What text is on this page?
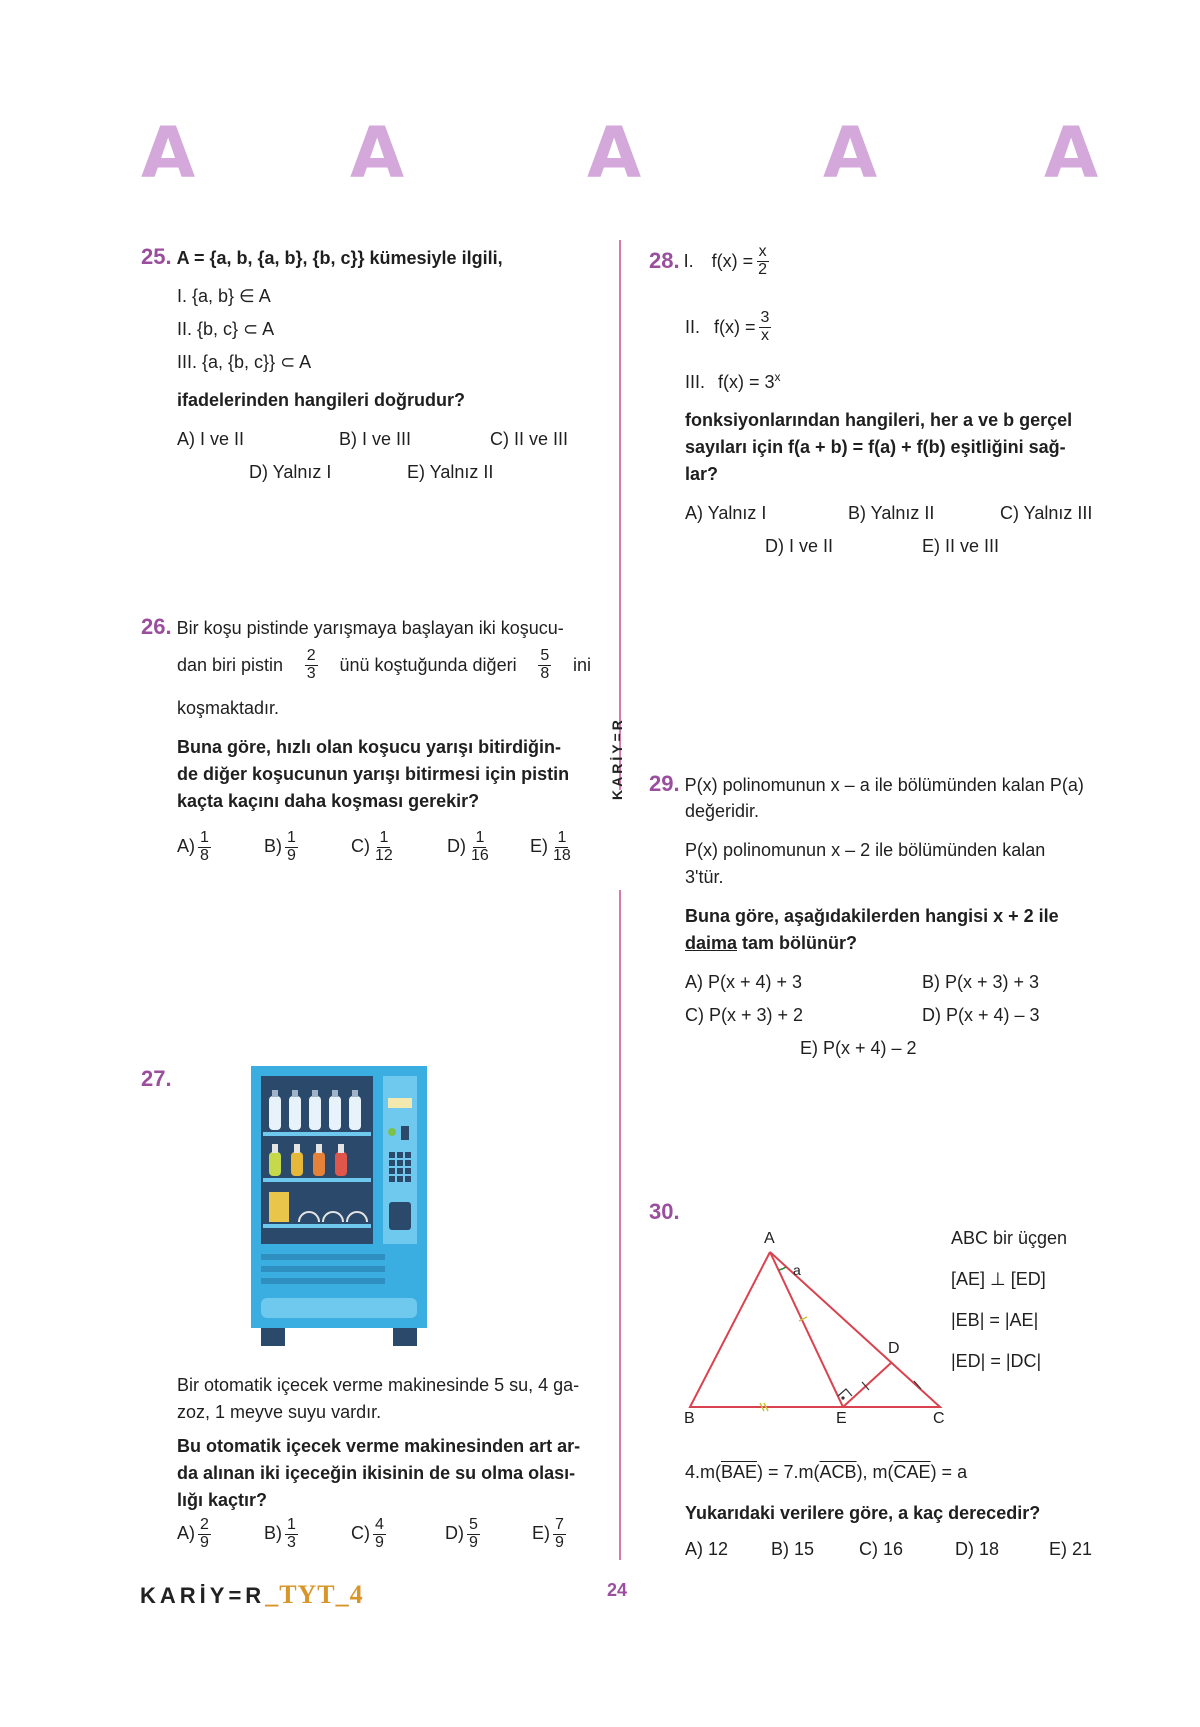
A A	A	A A
KARİY=R
25. A = {a, b, {a, b}, {b, c}} kümesiyle ilgili,
I. {a, b} ∈ A
II. {b, c} ⊂ A
III. {a, {b, c}} ⊂ A
ifadelerinden hangileri doğrudur?
A) I ve II	B) I ve III	C) II ve III
D) Yalnız I	E) Yalnız II
26. Bir koşu pistinde yarışmaya başlayan iki koşucu-
dan biri pistin $\frac{2}{3}$ ünü koştuğunda diğeri $\frac{5}{8}$ ini
koşmaktadır.
Buna göre, hızlı olan koşucu yarışı bitirdiğin-
de diğer koşucunun yarışı bitirmesi için pistin
kaçta kaçını daha koşması gerekir?
$A) \frac{1}{8}$	$B) \frac{1}{9}$	$C) \frac{1}{12}$	$D) \frac{1}{16} E) \frac{1}{18}$
27.
Bir otomatik içecek verme makinesinde 5 su, 4 ga-
zoz, 1 meyve suyu vardır.
Bu otomatik içecek verme makinesinden art ar-
da alınan iki içeceğin ikisinin de su olma olası-
lığı kaçtır?
$A) \frac{2}{9}$	$B) \frac{1}{3}$	$C) \frac{4}{9}$	$D) \frac{5}{9}$	$E) \frac{7}{9}$
28. I. $f(x) = \frac{x}{2}$
II. $f(x) = \frac{3}{x}$
III. $f(x) = 3^x$
fonksiyonlarından hangileri, her a ve b gerçel
sayıları için f(a + b) = f(a) + f(b) eşitliğini sağ-
lar?
A) Yalnız I	B) Yalnız II	C) Yalnız III
D) I ve II	E) II ve III
29. P(x) polinomunun x – a ile bölümünden kalan P(a)
değeridir.
P(x) polinomunun x – 2 ile bölümünden kalan
3'tür.
Buna göre, aşağıdakilerden hangisi x + 2 ile
daima tam bölünür?
A) P(x + 4) + 3	B) P(x + 3) + 3
C) P(x + 3) + 2	D) P(x + 4) – 3
E) P(x + 4) – 2
30.
A
B	C
D
E
a
ABC bir üçgen
[AE] ⊥ [ED]
|EB| = |AE|
|ED| = |DC|
$4.m(\overline{BAE}) = 7.m(\overline{ACB})$, $m(\overline{CAE}) = a$
Yukarıdaki verilere göre, a kaç derecedir?
A) 12 B) 15 C) 16	D) 18	E) 21
KARİY=R_TYT_4	24
